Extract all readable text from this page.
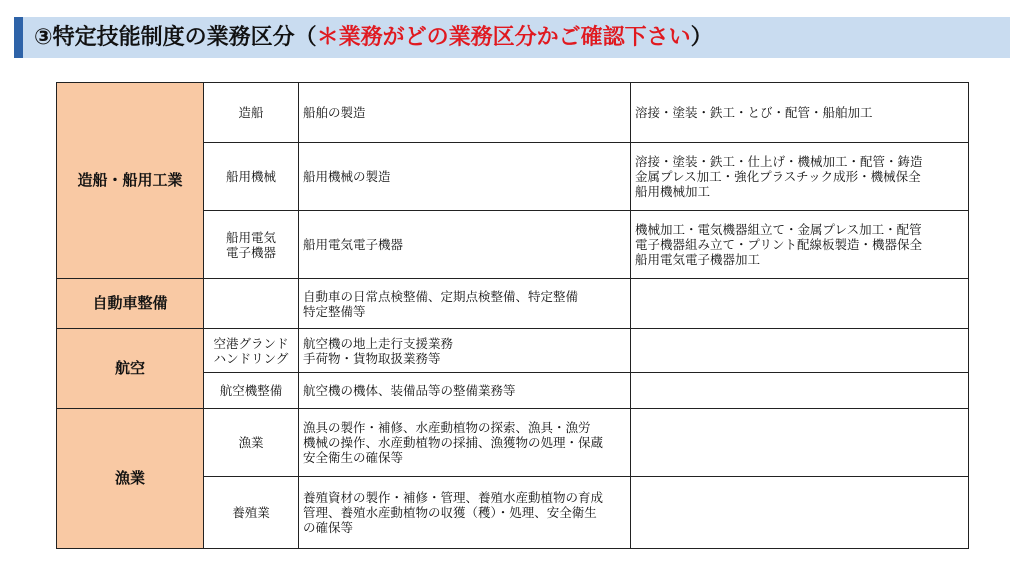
③特定技能制度の業務区分（＊業務がどの業務区分かご確認下さい）
造船・船用工業	造船	船舶の製造	溶接・塗装・鉄工・とび・配管・船舶加工

	船用機械	船用機械の製造	溶接・塗装・鉄工・仕上げ・機械加工・配管・鋳造
金属プレス加工・強化プラスチック成形・機械保全
船用機械加工

	船用電気
電子機器	船用電気電子機器	機械加工・電気機器組立て・金属プレス加工・配管
電子機器組み立て・プリント配線板製造・機器保全
船用電気電子機器加工

自動車整備		自動車の日常点検整備、定期点検整備、特定整備
特定整備等	

航空	空港グランド
ハンドリング	航空機の地上走行支援業務
手荷物・貨物取扱業務等	

	航空機整備	航空機の機体、装備品等の整備業務等	

漁業	漁業	漁具の製作・補修、水産動植物の探索、漁具・漁労
機械の操作、水産動植物の採捕、漁獲物の処理・保蔵
安全衛生の確保等	

	養殖業	養殖資材の製作・補修・管理、養殖水産動植物の育成
管理、養殖水産動植物の収獲（穫）・処理、安全衛生
の確保等	
